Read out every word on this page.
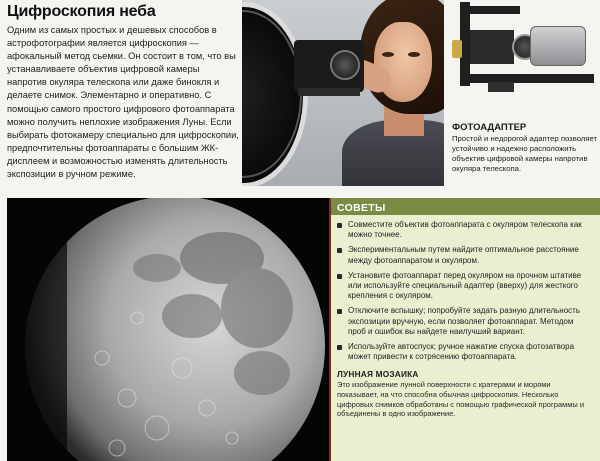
Цифроскопия неба
Одним из самых простых и дешевых способов в астрофотографии является цифроскопия — афокальный метод сьемки. Он состоит в том, что вы устанавливаете объектив цифровой камеры напротив окуляра телескопа или даже бинокля и делаете снимок. Элементарно и оперативно. С помощью самого простого цифрового фотоаппарата можно получить неплохие изображения Луны. Если выбирать фотокамеру специально для цифроскопии, предпочтительны фотоаппараты с большим ЖК-дисплеем и возможностью изменять длительность экспозиции в ручном режиме.
ФОТОАДАПТЕР
Простой и недорогой адаптер позволяет устойчиво и надежно расположить объектив цифровой камеры напротив окуляра телескопа.
СОВЕТЫ
Совместите объектив фотоаппарата с окуляром телескопа как можно точнее.
Экспериментальным путем найдите оптимальное расстояние между фотоаппаратом и окуляром.
Установите фотоаппарат перед окуляром на прочном штативе или используйте специальный адаптер (вверху) для жесткого крепления с окуляром.
Отключите вспышку; попробуйте задать разную длительность экспозиции вручную, если позволяет фотоаппарат. Методом проб и ошибок вы найдете наилучший вариант.
Используйте автоспуск; ручное нажатие спуска фотозатвора может привести к сотрясению фотоаппарата.
ЛУННАЯ МОЗАИКА
Это изображение лунной поверхности с кратерами и морями показывает, на что способна обычная цифроскопия. Несколько цифровых снимков обработаны с помощью графической программы и объединены в одно изображение.
